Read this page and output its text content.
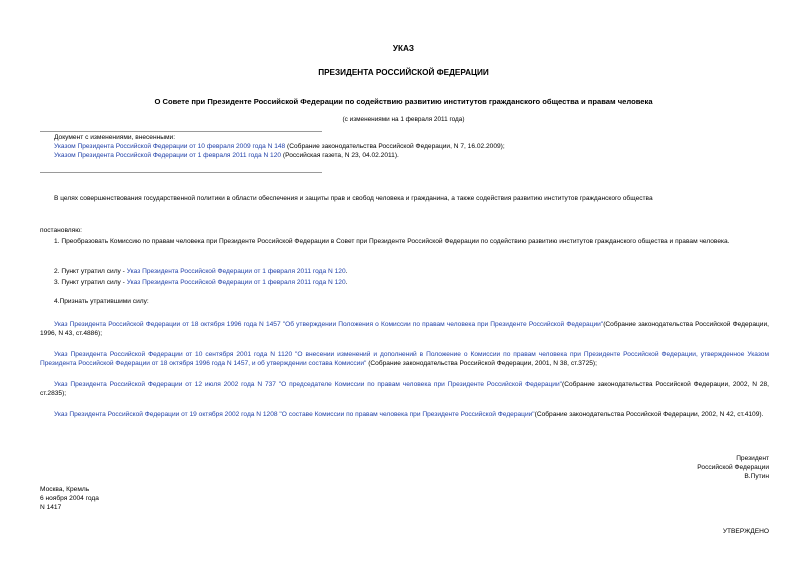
УКАЗ
ПРЕЗИДЕНТА РОССИЙСКОЙ ФЕДЕРАЦИИ
О Совете при Президенте Российской Федерации по содействию развитию институтов гражданского общества и правам человека
(с изменениями на 1 февраля 2011 года)
Документ с изменениями, внесенными:
Указом Президента Российской Федерации от 10 февраля 2009 года N 148 (Собрание законодательства Российской Федерации, N 7, 16.02.2009);
Указом Президента Российской Федерации от 1 февраля 2011 года N 120 (Российская газета, N 23, 04.02.2011).
В целях совершенствования государственной политики в области обеспечения и защиты прав и свобод человека и гражданина, а также содействия развитию институтов гражданского общества
постановляю:
1. Преобразовать Комиссию по правам человека при Президенте Российской Федерации в Совет при Президенте Российской Федерации по содействию развитию институтов гражданского общества и правам человека.
2. Пункт утратил силу - Указ Президента Российской Федерации от 1 февраля 2011 года N 120.
3. Пункт утратил силу - Указ Президента Российской Федерации от 1 февраля 2011 года N 120.
4.Признать утратившими силу:
Указ Президента Российской Федерации от 18 октября 1996 года N 1457 "Об утверждении Положения о Комиссии по правам человека при Президенте Российской Федерации"(Собрание законодательства Российской Федерации, 1996, N 43, ст.4886);
Указ Президента Российской Федерации от 10 сентября 2001 года N 1120 "О внесении изменений и дополнений в Положение о Комиссии по правам человека при Президенте Российской Федерации, утвержденное Указом Президента Российской Федерации от 18 октября 1996 года N 1457, и об утверждении состава Комиссии" (Собрание законодательства Российской Федерации, 2001, N 38, ст.3725);
Указ Президента Российской Федерации от 12 июля 2002 года N 737 "О председателе Комиссии по правам человека при Президенте Российской Федерации"(Собрание законодательства Российской Федерации, 2002, N 28, ст.2835);
Указ Президента Российской Федерации от 19 октября 2002 года N 1208 "О составе Комиссии по правам человека при Президенте Российской Федерации"(Собрание законодательства Российской Федерации, 2002, N 42, ст.4109).
Президент
Российской Федерации
В.Путин
Москва, Кремль
6 ноября 2004 года
N 1417
УТВЕРЖДЕНО
